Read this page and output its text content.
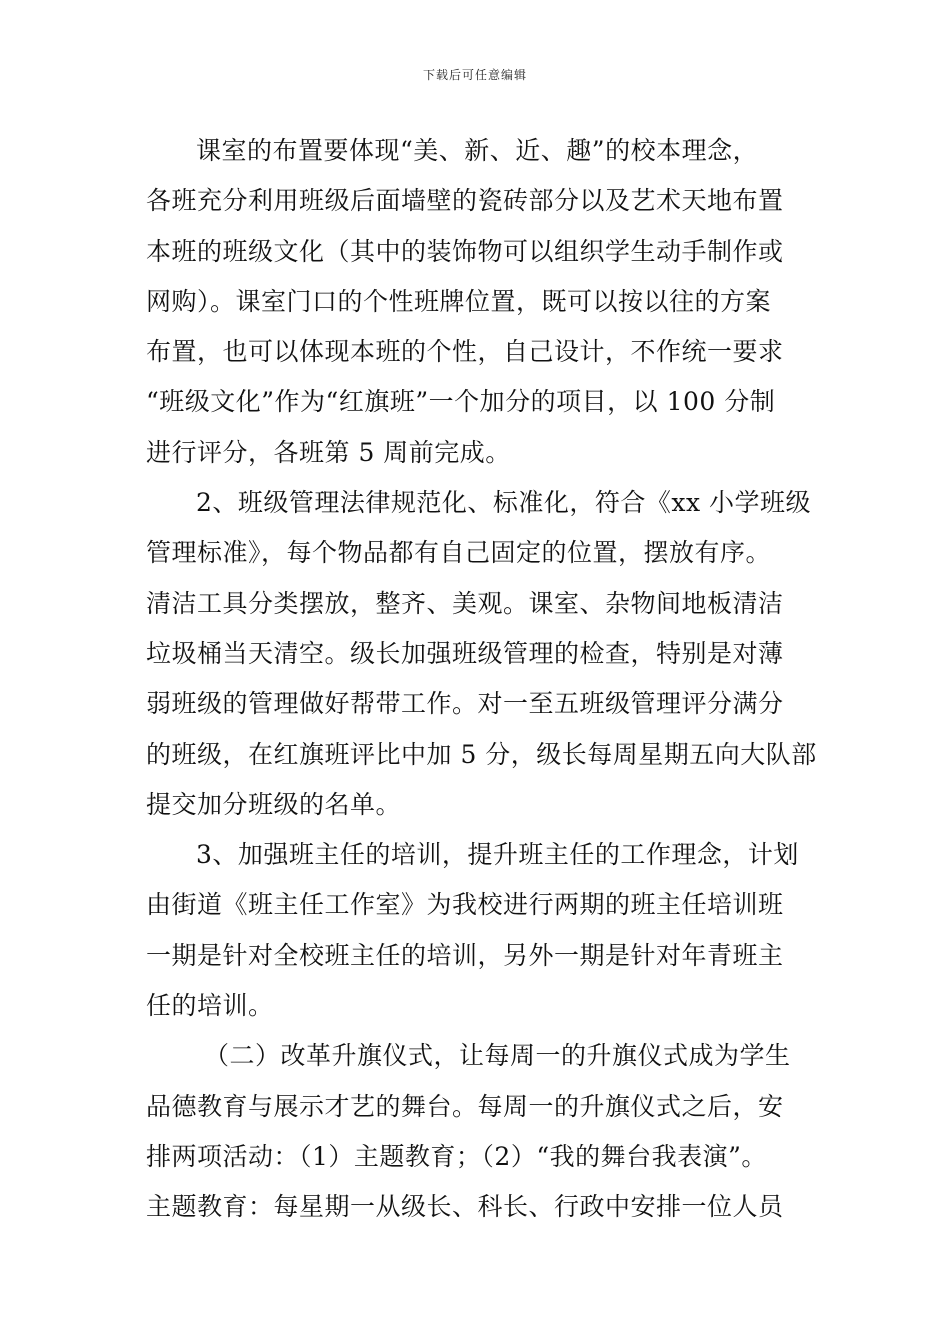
下载后可任意编辑
课室的布置要体现“美、新、近、趣”的校本理念，
各班充分利用班级后面墙壁的瓷砖部分以及艺术天地布置
本班的班级文化（其中的装饰物可以组织学生动手制作或
网购）。课室门口的个性班牌位置，既可以按以往的方案
布置，也可以体现本班的个性，自己设计，不作统一要求
“班级文化”作为“红旗班”一个加分的项目，以 100 分制
进行评分，各班第 5 周前完成。
2、班级管理法律规范化、标准化，符合《xx 小学班级
管理标准》，每个物品都有自己固定的位置，摆放有序。
清洁工具分类摆放，整齐、美观。课室、杂物间地板清洁
垃圾桶当天清空。级长加强班级管理的检查，特别是对薄
弱班级的管理做好帮带工作。对一至五班级管理评分满分
的班级，在红旗班评比中加 5 分，级长每周星期五向大队部
提交加分班级的名单。
3、加强班主任的培训，提升班主任的工作理念，计划
由街道《班主任工作室》为我校进行两期的班主任培训班
一期是针对全校班主任的培训，另外一期是针对年青班主
任的培训。
（二）改革升旗仪式，让每周一的升旗仪式成为学生
品德教育与展示才艺的舞台。每周一的升旗仪式之后，安
排两项活动：（1）主题教育；（2）“我的舞台我表演”。
主题教育：每星期一从级长、科长、行政中安排一位人员
